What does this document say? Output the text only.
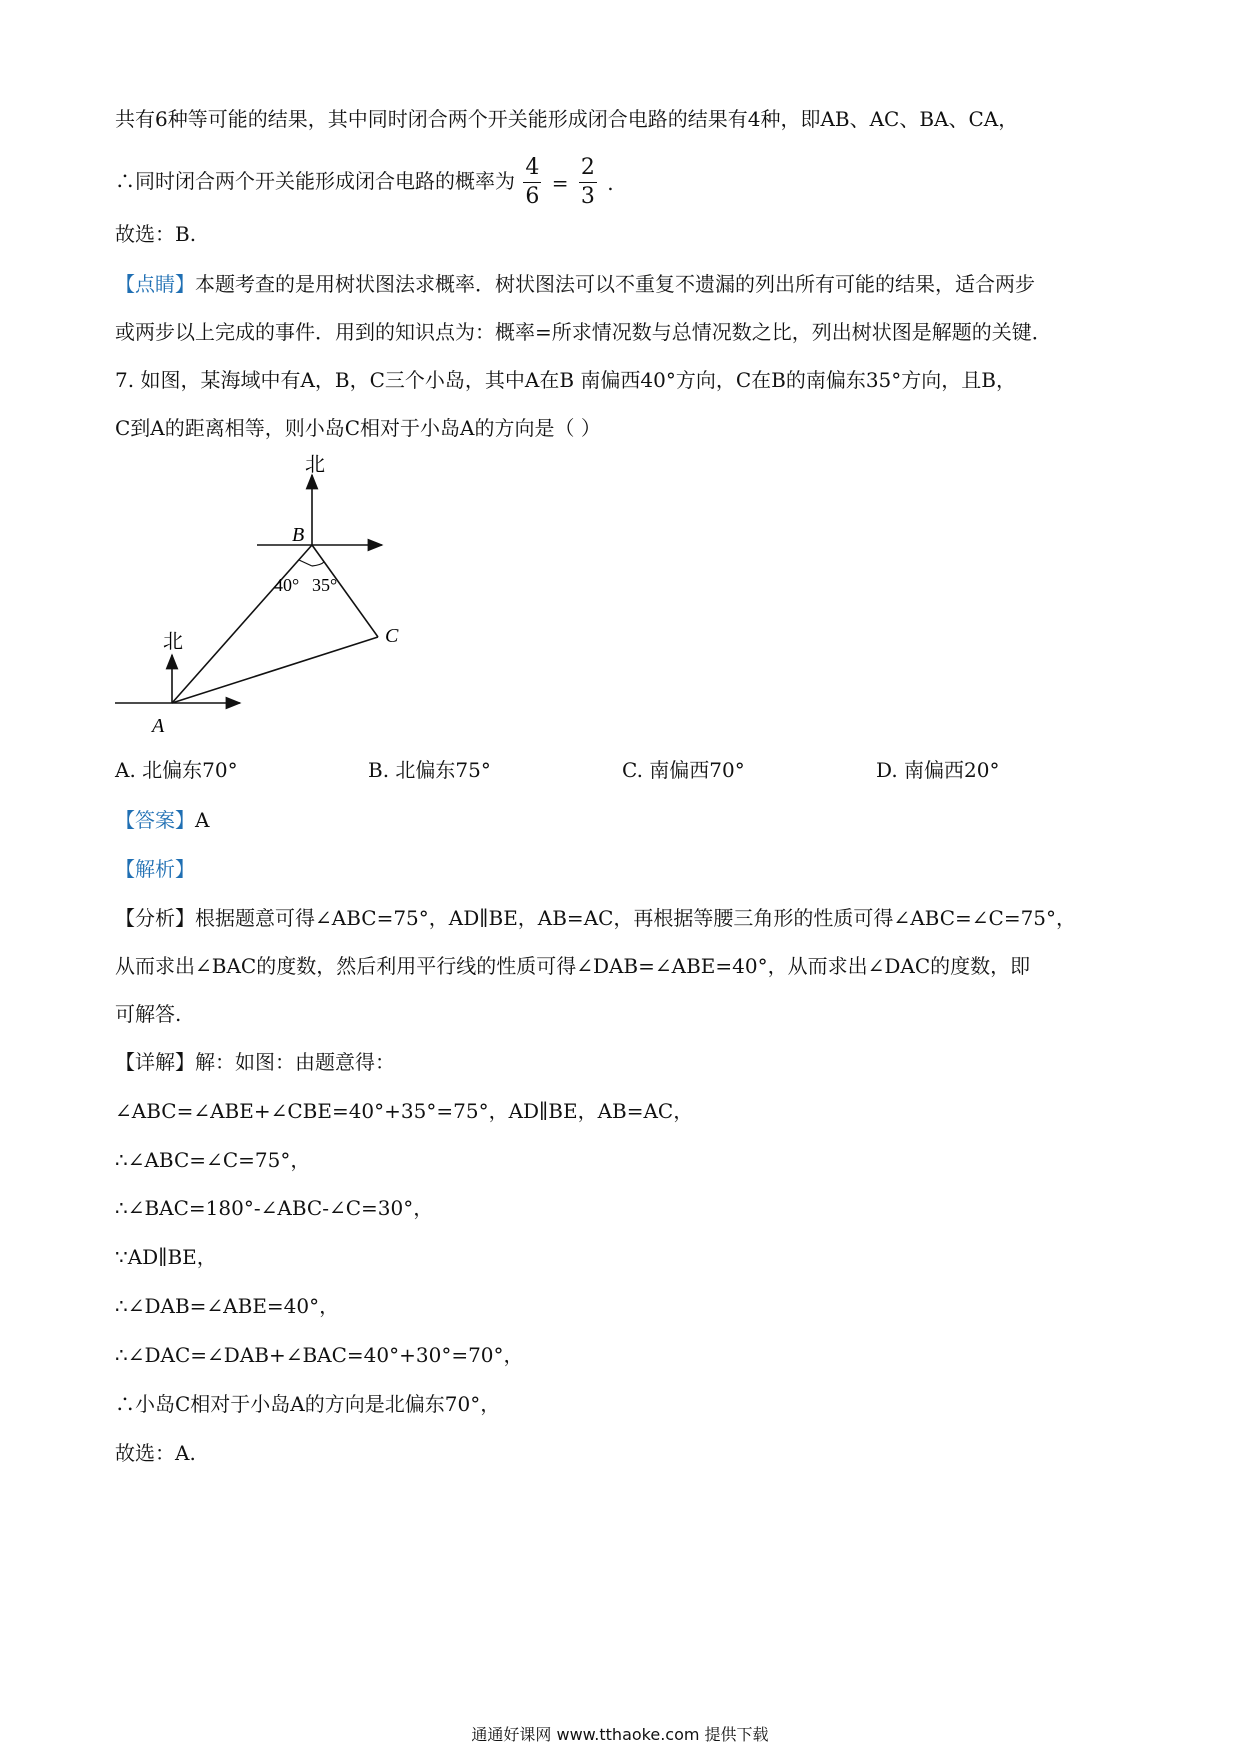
共有6种等可能的结果，其中同时闭合两个开关能形成闭合电路的结果有4种，即AB、AC、BA、CA，
∴同时闭合两个开关能形成闭合电路的概率为 $\frac{4}{6} = \frac{2}{3}$ .
故选：B.
【点睛】本题考查的是用树状图法求概率．树状图法可以不重复不遗漏的列出所有可能的结果，适合两步
或两步以上完成的事件．用到的知识点为：概率=所求情况数与总情况数之比，列出树状图是解题的关键．
7. 如图，某海域中有A，B，C三个小岛，其中A在B 南偏西40°方向，C在B的南偏东35°方向，且B，
C到A的距离相等，则小岛C相对于小岛A的方向是（ ）
北
北
B
A
C
40° 35°
A. 北偏东70°	B. 北偏东75°	C. 南偏西70°	D. 南偏西20°
【答案】A
【解析】
【分析】根据题意可得∠ABC=75°，AD∥BE，AB=AC，再根据等腰三角形的性质可得∠ABC=∠C=75°，
从而求出∠BAC的度数，然后利用平行线的性质可得∠DAB=∠ABE=40°，从而求出∠DAC的度数，即
可解答.
【详解】解：如图：由题意得：
∠ABC=∠ABE+∠CBE=40°+35°=75°，AD∥BE，AB=AC，
∴∠ABC=∠C=75°，
∴∠BAC=180°-∠ABC-∠C=30°，
∵AD∥BE，
∴∠DAB=∠ABE=40°，
∴∠DAC=∠DAB+∠BAC=40°+30°=70°，
∴小岛C相对于小岛A的方向是北偏东70°，
故选：A.
通通好课网 www.tthaoke.com 提供下载
